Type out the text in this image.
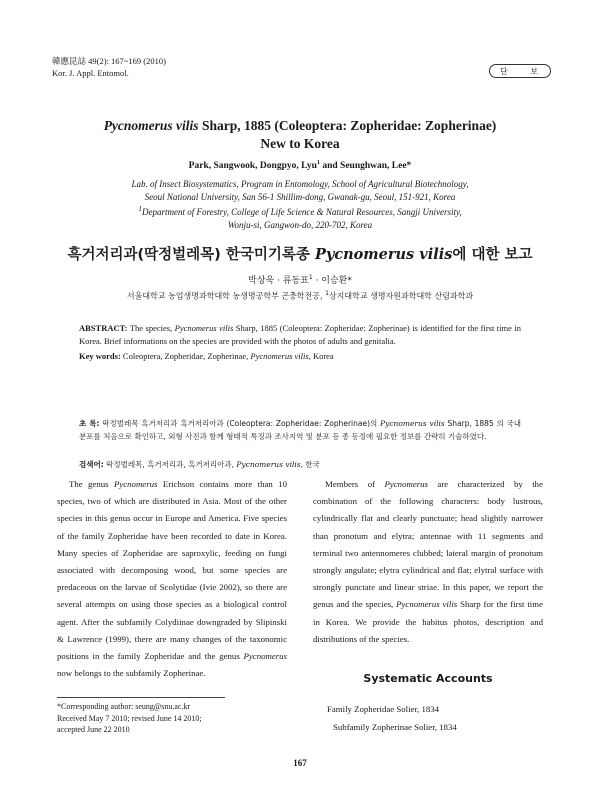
韓應昆誌 49(2): 167~169 (2010)
Kor. J. Appl. Entomol.	단 보
Pycnomerus vilis Sharp, 1885 (Coleoptera: Zopheridae: Zopherinae)
New to Korea
Park, Sangwook, Dongpyo, Lyu$^1$ and Seunghwan, Lee*
Lab. of Insect Biosystematics, Program in Entomology, School of Agricultural Biotechnology,
Seoul National University, San 56-1 Shillim-dong, Gwanak-gu, Seoul, 151-921, Korea
$^1$Department of Forestry, College of Life Science & Natural Resources, Sangji University,
Wonju-si, Gangwon-do, 220-702, Korea
흑거저리과(딱정벌레목) 한국미기록종 Pycnomerus vilis에 대한 보고
박상욱 · 류동표$^1$ · 이승환*
서울대학교 농업생명과학대학 농생명공학부 곤충학전공, $^1$상지대학교 생명자원과학대학 산림과학과
ABSTRACT: The species, Pycnomerus vilis Sharp, 1885 (Coleoptera: Zopheridae: Zopherinae) is identified for the first time in Korea. Brief informations on the species are provided with the photos of adults and genitalia.
Key words: Coleoptera, Zopheridae, Zopherinae, Pycnomerus vilis, Korea
초 록: 딱정벌레목 흑거저리과 흑거저리아과 (Coleoptera: Zopheridae: Zopherinae)의 Pycnomerus vilis Sharp, 1885 의 국내분포를 처음으로 확인하고, 외형 사진과 함께 형태적 특징과 조사지역 및 분포 등 종 동정에 필요한 정보를 간략히 기술하였다.
검색어: 딱정벌레목, 흑거저리과, 흑거저리아과, Pycnomerus vilis, 한국
The genus Pycnomerus Erichson contains more than 10 species, two of which are distributed in Asia. Most of the other species in this genus occur in Europe and America. Five species of the family Zopheridae have been recorded to date in Korea. Many species of Zopheridae are saproxylic, feeding on fungi associated with decomposing wood, but some species are predaceous on the larvae of Scolytidae (Ivie 2002), so there are several attempts on using those species as a biological control agent. After the subfamily Colydiinae downgraded by Slipinski & Lawrence (1999), there are many changes of the taxonomic positions in the family Zopheridae and the genus Pycnomerus now belongs to the subfamily Zopherinae.
Members of Pycnomerus are characterized by the combination of the following characters: body lustrous, cylindrically flat and clearly punctuate; head slightly narrower than pronotum and elytra; antennae with 11 segments and terminal two antennomeres clubbed; lateral margin of pronotum strongly angulate; elytra cylindrical and flat; elytral surface with strongly punctate and linear striae. In this paper, we report the genus and the species, Pycnomerus vilis Sharp for the first time in Korea. We provide the habitus photos, description and distributions of the species.
Systematic Accounts
*Corresponding author: seung@snu.ac.kr
Received May 7 2010; revised June 14 2010;
accepted June 22 2010
Family Zopheridae Solier, 1834
Subfamily Zopherinae Solier, 1834
167
